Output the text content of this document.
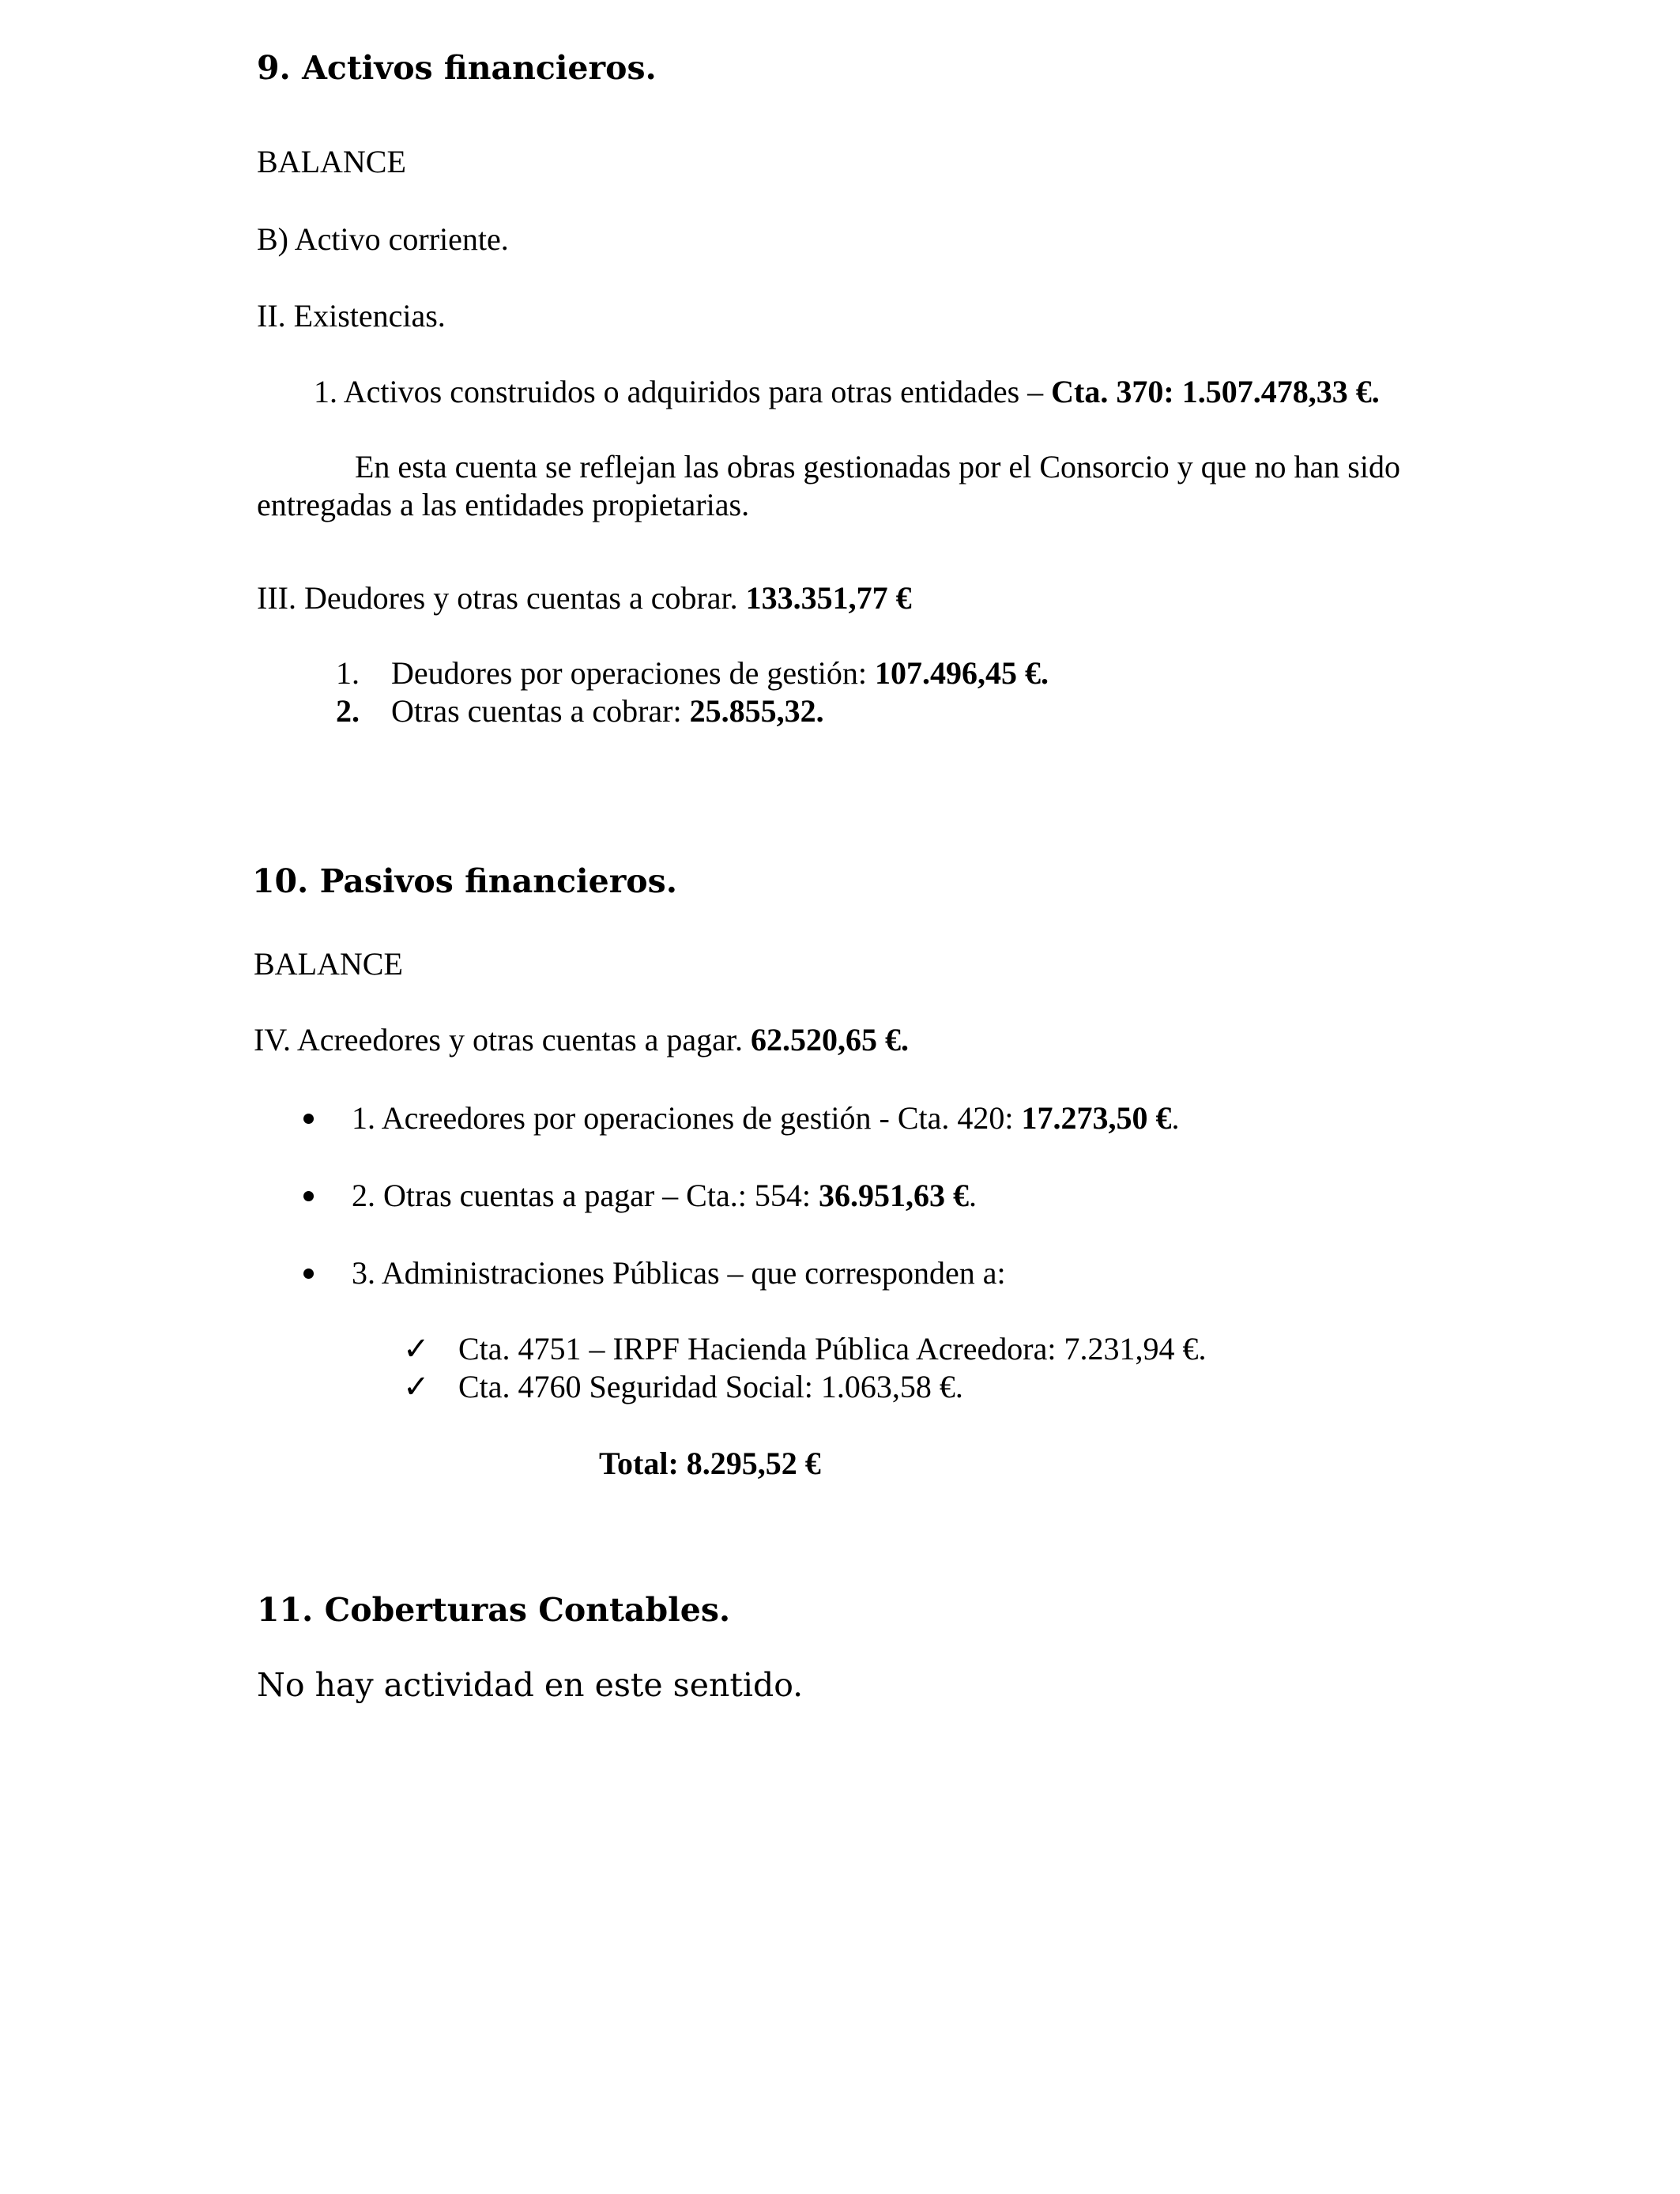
9. Activos financieros.
BALANCE
B) Activo corriente.
II. Existencias.
1. Activos construidos o adquiridos para otras entidades – Cta. 370: 1.507.478,33 €.
En esta cuenta se reflejan las obras gestionadas por el Consorcio y que no han sido
entregadas a las entidades propietarias.
III. Deudores y otras cuentas a cobrar. 133.351,77 €
1. Deudores por operaciones de gestión: 107.496,45 €.
2. Otras cuentas a cobrar: 25.855,32.
10. Pasivos financieros.
BALANCE
IV. Acreedores y otras cuentas a pagar. 62.520,65 €.
1. Acreedores por operaciones de gestión - Cta. 420: 17.273,50 €.
2. Otras cuentas a pagar – Cta.: 554: 36.951,63 €.
3. Administraciones Públicas – que corresponden a:
✓ Cta. 4751 – IRPF Hacienda Pública Acreedora: 7.231,94 €.
✓ Cta. 4760 Seguridad Social: 1.063,58 €.
Total: 8.295,52 €
11. Coberturas Contables.
No hay actividad en este sentido.
